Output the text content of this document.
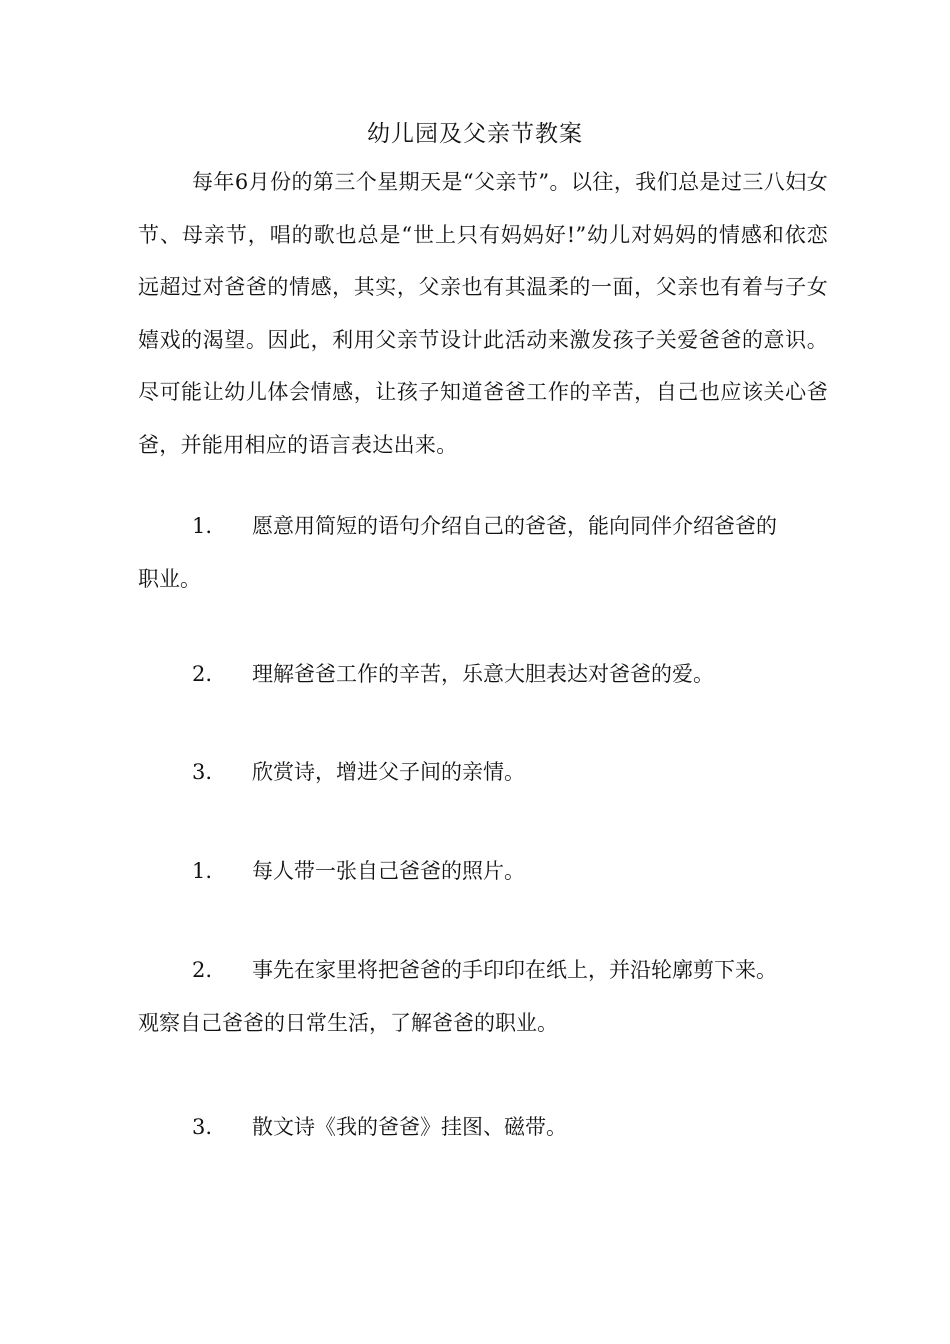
幼儿园及父亲节教案

每年6月份的第三个星期天是“父亲节”。以往，我们总是过三八妇女节、母亲节，唱的歌也总是“世上只有妈妈好!”幼儿对妈妈的情感和依恋远超过对爸爸的情感，其实，父亲也有其温柔的一面，父亲也有着与子女嬉戏的渴望。因此，利用父亲节设计此活动来激发孩子关爱爸爸的意识。尽可能让幼儿体会情感，让孩子知道爸爸工作的辛苦，自己也应该关心爸爸，并能用相应的语言表达出来。

1.	愿意用简短的语句介绍自己的爸爸，能向同伴介绍爸爸的
职业。
2.	理解爸爸工作的辛苦，乐意大胆表达对爸爸的爱。
3.	欣赏诗，增进父子间的亲情。
1.	每人带一张自己爸爸的照片。
2.	事先在家里将把爸爸的手印印在纸上，并沿轮廓剪下来。
观察自己爸爸的日常生活，了解爸爸的职业。
3.	散文诗《我的爸爸》挂图、磁带。
